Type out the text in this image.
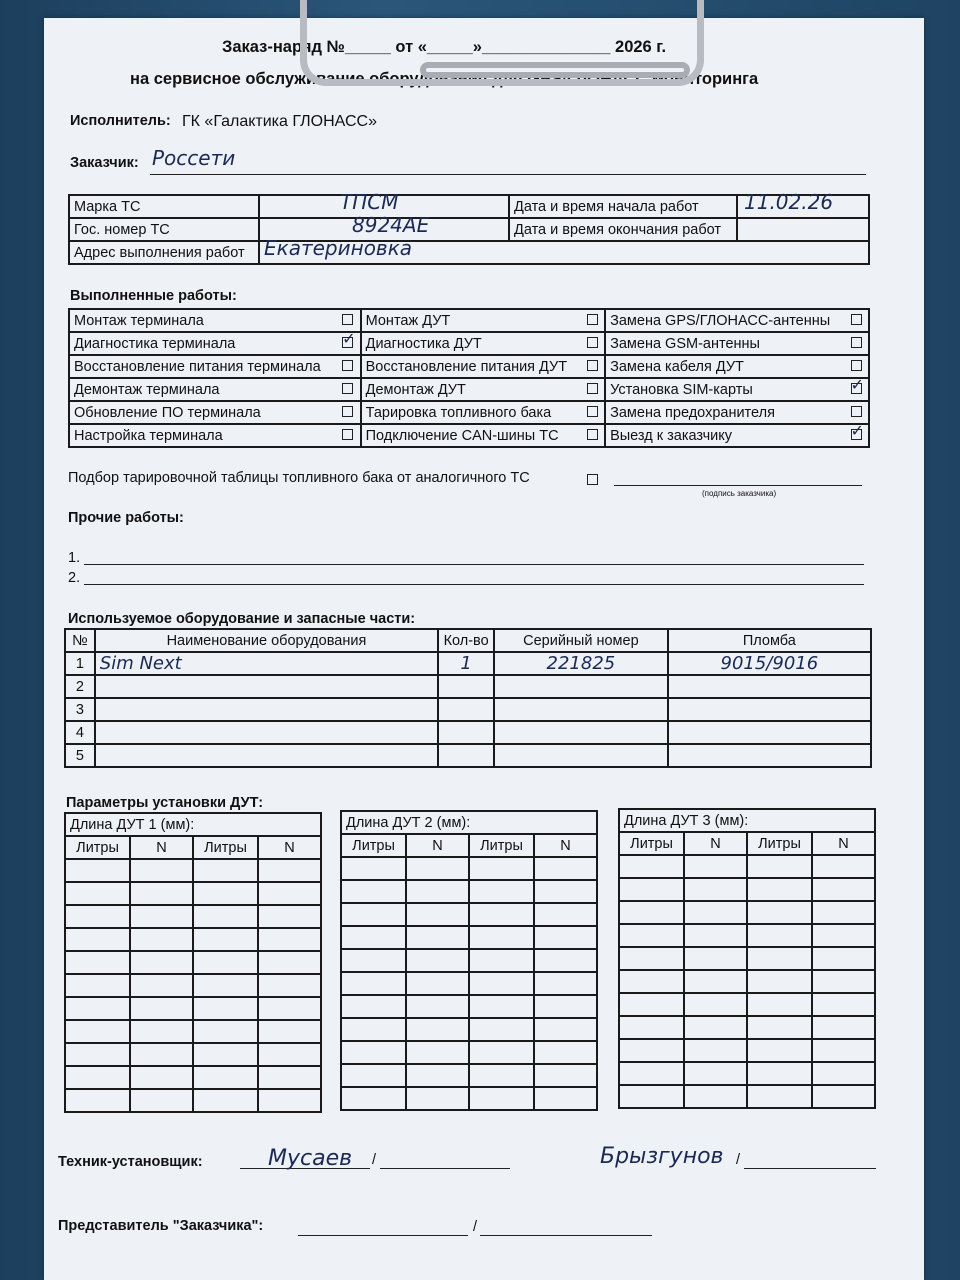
Заказ-наряд №_____ от «_____»______________ 2026 г.
на сервисное обслуживание оборудования для GPS/ГЛОНАСС мониторинга
Исполнитель: ГК «Галактика ГЛОНАСС»
Заказчик: Россети
Марка ТС	ТПСМ	Дата и время начала работ	11.02.26

Гос. номер ТС	8924АЕ	Дата и время окончания работ	
Адрес выполнения работ	Екатериновка		
Выполненные работы:
Монтаж терминала		Монтаж ДУТ		Замена GPS/ГЛОНАСС-антенны	
Диагностика терминала	✓	Диагностика ДУТ		Замена GSM-антенны	
Восстановление питания терминала		Восстановление питания ДУТ		Замена кабеля ДУТ	
Демонтаж терминала		Демонтаж ДУТ		Установка SIM-карты	✓
Обновление ПО терминала		Тарировка топливного бака		Замена предохранителя	
Настройка терминала		Подключение CAN-шины ТС		Выезд к заказчику	✓
Подбор тарировочной таблицы топливного бака от аналогичного ТС
(подпись заказчика)
Прочие работы:
1.
2.
Используемое оборудование и запасные части:
№	Наименование оборудования	Кол-во	Серийный номер	Пломба
1	Sim Next	1	221825	9015/9016
2				
3				
4				
5				
Параметры установки ДУТ:
Длина ДУТ 1 (мм):			
Литры	N	Литры	N

Длина ДУТ 2 (мм):			
Литры	N	Литры	N

Длина ДУТ 3 (мм):			
Литры	N	Литры	N

Техник-установщик:	/
Мусаев	Брызгунов /
Представитель "Заказчика":	/
